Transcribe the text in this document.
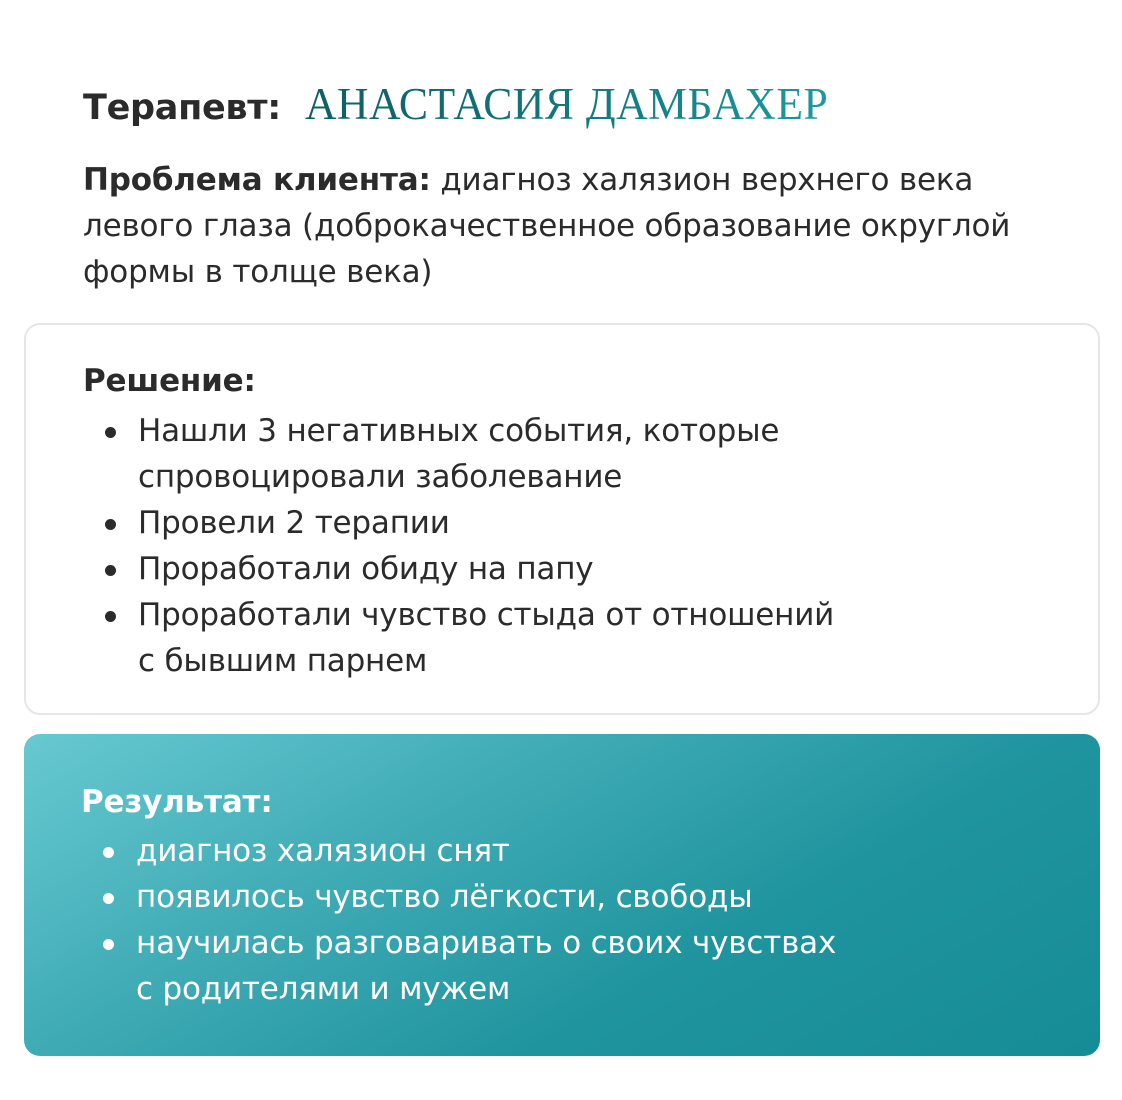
Терапевт: АНАСТАСИЯ ДАМБАХЕР
Проблема клиента: диагноз халязион верхнего века левого глаза (доброкачественное образование округлой формы в толще века)
Решение:
Нашли 3 негативных события, которые
спровоцировали заболевание
Провели 2 терапии
Проработали обиду на папу
Проработали чувство стыда от отношений
с бывшим парнем
Результат:
диагноз халязион снят
появилось чувство лёгкости, свободы
научилась разговаривать о своих чувствах
с родителями и мужем
